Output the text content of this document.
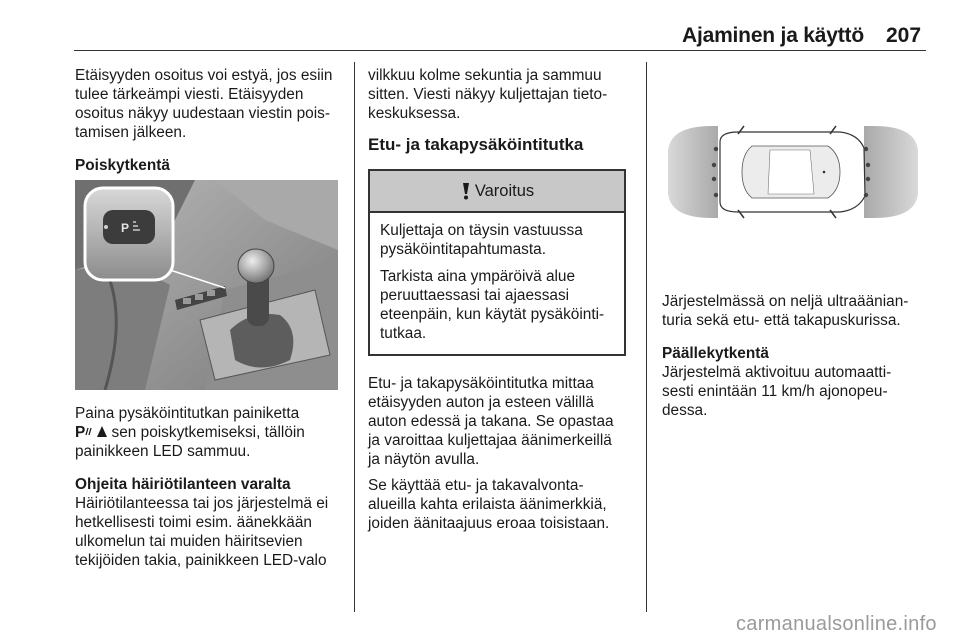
Ajaminen ja käyttö 207

Etäisyyden osoitus voi estyä, jos esiin
tulee tärkeämpi viesti. Etäisyyden
osoitus näkyy uudestaan viestin pois-
tamisen jälkeen.

Poiskytkentä

P

Paina pysäköintitutkan painiketta
P sen poiskytkemiseksi, tällöin
painikkeen LED sammuu.

Ohjeita häiriötilanteen varalta

Häiriötilanteessa tai jos järjestelmä ei
hetkellisesti toimi esim. äänekkään
ulkomelun tai muiden häiritsevien
tekijöiden takia, painikkeen LED-valo

vilkkuu kolme sekuntia ja sammuu
sitten. Viesti näkyy kuljettajan tieto-
keskuksessa.

Etu- ja takapysäköintitutka
Varoitus

Kuljettaja on täysin vastuussa
pysäköintitapahtumasta.

Tarkista aina ympäröivä alue
peruuttaessasi tai ajaessasi
eteenpäin, kun käytät pysäköinti-
tutkaa.

Etu- ja takapysäköintitutka mittaa
etäisyyden auton ja esteen välillä
auton edessä ja takana. Se opastaa
ja varoittaa kuljettajaa äänimerkeillä
ja näytön avulla.

Se käyttää etu- ja takavalvonta-
alueilla kahta erilaista äänimerkkiä,
joiden äänitaajuus eroaa toisistaan.

Järjestelmässä on neljä ultraäänian-
turia sekä etu- että takapuskurissa.

Päällekytkentä

Järjestelmä aktivoituu automaatti-
sesti enintään 11 km/h ajonopeu-
dessa.

carmanualsonline.info
